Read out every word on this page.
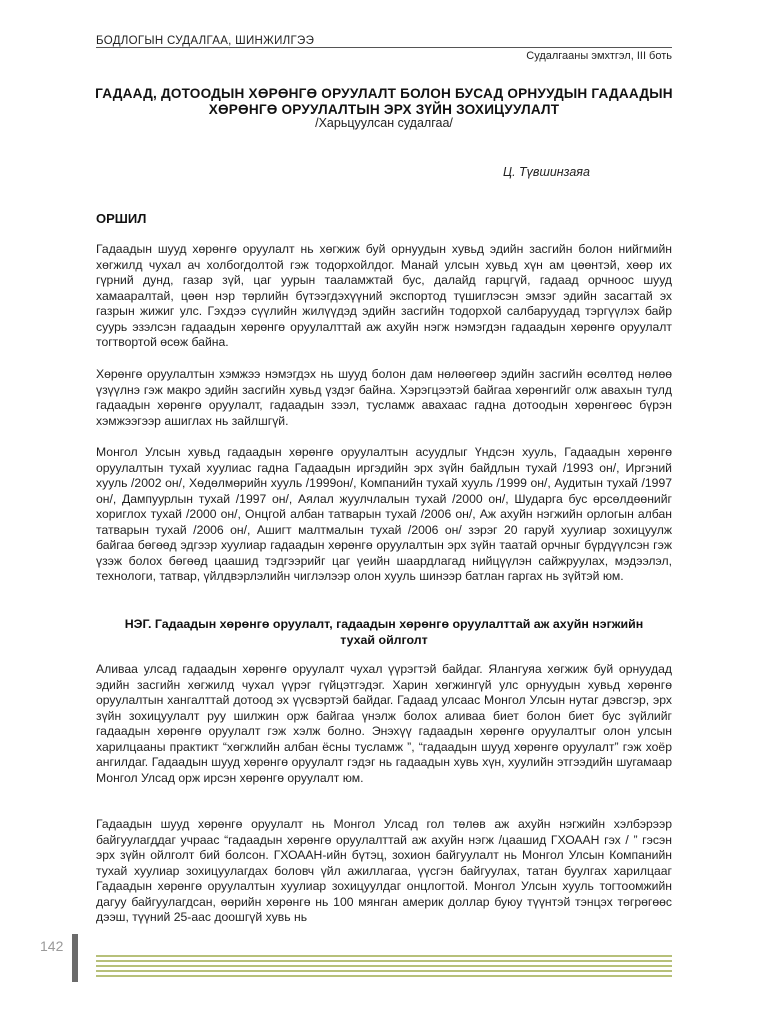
БОДЛОГЫН СУДАЛГАА, ШИНЖИЛГЭЭ
Судалгааны эмхтгэл, III боть
ГАДААД, ДОТООДЫН ХӨРӨНГӨ ОРУУЛАЛТ БОЛОН БУСАД ОРНУУДЫН ГАДААДЫН ХӨРӨНГӨ ОРУУЛАЛТЫН ЭРХ ЗҮЙН ЗОХИЦУУЛАЛТ
/Харьцуулсан судалгаа/
Ц. Түвшинзаяа
ОРШИЛ

Гадаадын шууд хөрөнгө оруулалт нь хөгжиж буй орнуудын хувьд эдийн засгийн болон нийгмийн хөгжилд чухал ач холбогдолтой гэж тодорхойлдог. Манай улсын хувьд хүн ам цөөнтэй, хөөр их гүрний дунд, газар зүй, цаг уурын тааламжтай бус, далайд гарцгүй, гадаад орчноос шууд хамааралтай, цөөн нэр төрлийн бүтээгдэхүүний экспортод түшиглэсэн эмзэг эдийн засагтай эх газрын жижиг улс. Гэхдээ сүүлийн жилүүдэд эдийн засгийн тодорхой салбаруудад тэргүүлэх байр суурь эзэлсэн гадаадын хөрөнгө оруулалттай аж ахуйн нэгж нэмэгдэн гадаадын хөрөнгө оруулалт тогтвортой өсөж байна.

Хөрөнгө оруулалтын хэмжээ нэмэгдэх нь шууд болон дам нөлөөгөөр эдийн засгийн өсөлтөд нөлөө үзүүлнэ гэж макро эдийн засгийн хувьд үздэг байна. Хэрэгцээтэй байгаа хөрөнгийг олж авахын тулд гадаадын хөрөнгө оруулалт, гадаадын зээл, тусламж авахаас гадна дотоодын хөрөнгөөс бүрэн хэмжээгээр ашиглах нь зайлшгүй.

Монгол Улсын хувьд гадаадын хөрөнгө оруулалтын асуудлыг Үндсэн хууль, Гадаадын хөрөнгө оруулалтын тухай хуулиас гадна Гадаадын иргэдийн эрх зүйн байдлын тухай /1993 он/, Иргэний хууль /2002 он/, Хөдөлмөрийн хууль /1999он/, Компанийн тухай хууль /1999 он/, Аудитын тухай /1997 он/, Дампуурлын тухай /1997 он/, Аялал жуулчлалын тухай /2000 он/, Шударга бус өрсөлдөөнийг хориглох тухай /2000 он/, Онцгой албан татварын тухай /2006 он/, Аж ахуйн нэгжийн орлогын албан татварын тухай /2006 он/, Ашигт малтмалын тухай /2006 он/ зэрэг 20 гаруй хуулиар зохицуулж байгаа бөгөөд эдгээр хуулиар гадаадын хөрөнгө оруулалтын эрх зүйн таатай орчныг бүрдүүлсэн гэж үзэж болох бөгөөд цаашид тэдгээрийг цаг үеийн шаардлагад нийцүүлэн сайжруулах, мэдээлэл, технологи, татвар, үйлдвэрлэлийн чиглэлээр олон хууль шинээр батлан гаргах нь зүйтэй юм.

НЭГ. Гадаадын хөрөнгө оруулалт, гадаадын хөрөнгө оруулалттай аж ахуйн нэгжийн тухай ойлголт

Аливаа улсад гадаадын хөрөнгө оруулалт чухал үүрэгтэй байдаг. Ялангуяа хөгжиж буй орнуудад эдийн засгийн хөгжилд чухал үүрэг гүйцэтгэдэг. Харин хөгжингүй улс орнуудын хувьд хөрөнгө оруулалтын хангалттай дотоод эх үүсвэртэй байдаг. Гадаад улсаас Монгол Улсын нутаг дэвсгэр, эрх зүйн зохицуулалт руу шилжин орж байгаа үнэлж болох аливаа биет болон биет бус зүйлийг гадаадын хөрөнгө оруулалт гэж хэлж болно. Энэхүү гадаадын хөрөнгө оруулалтыг олон улсын харилцааны практикт “хөгжлийн албан ёсны тусламж ”, “гадаадын шууд хөрөнгө оруулалт” гэж хоёр ангилдаг. Гадаадын шууд хөрөнгө оруулалт гэдэг нь гадаадын хувь хүн, хуулийн этгээдийн шугамаар Монгол Улсад орж ирсэн хөрөнгө оруулалт юм.

Гадаадын шууд хөрөнгө оруулалт нь Монгол Улсад гол төлөв аж ахуйн нэгжийн хэлбэрээр байгуулагддаг учраас “гадаадын хөрөнгө оруулалттай аж ахуйн нэгж /цаашид ГХОААН гэх / ” гэсэн эрх зүйн ойлголт бий болсон. ГХОААН-ийн бүтэц, зохион байгуулалт нь Монгол Улсын Компанийн тухай хуулиар зохицуулагдах боловч үйл ажиллагаа, үүсгэн байгуулах, татан буулгах харилцааг Гадаадын хөрөнгө оруулалтын хуулиар зохицуулдаг онцлогтой. Монгол Улсын хууль тогтоомжийн дагуу байгуулагдсан, өөрийн хөрөнгө нь 100 мянган америк доллар буюу түүнтэй тэнцэх төгрөгөөс дээш, түүний 25-аас доошгүй хувь нь

142
